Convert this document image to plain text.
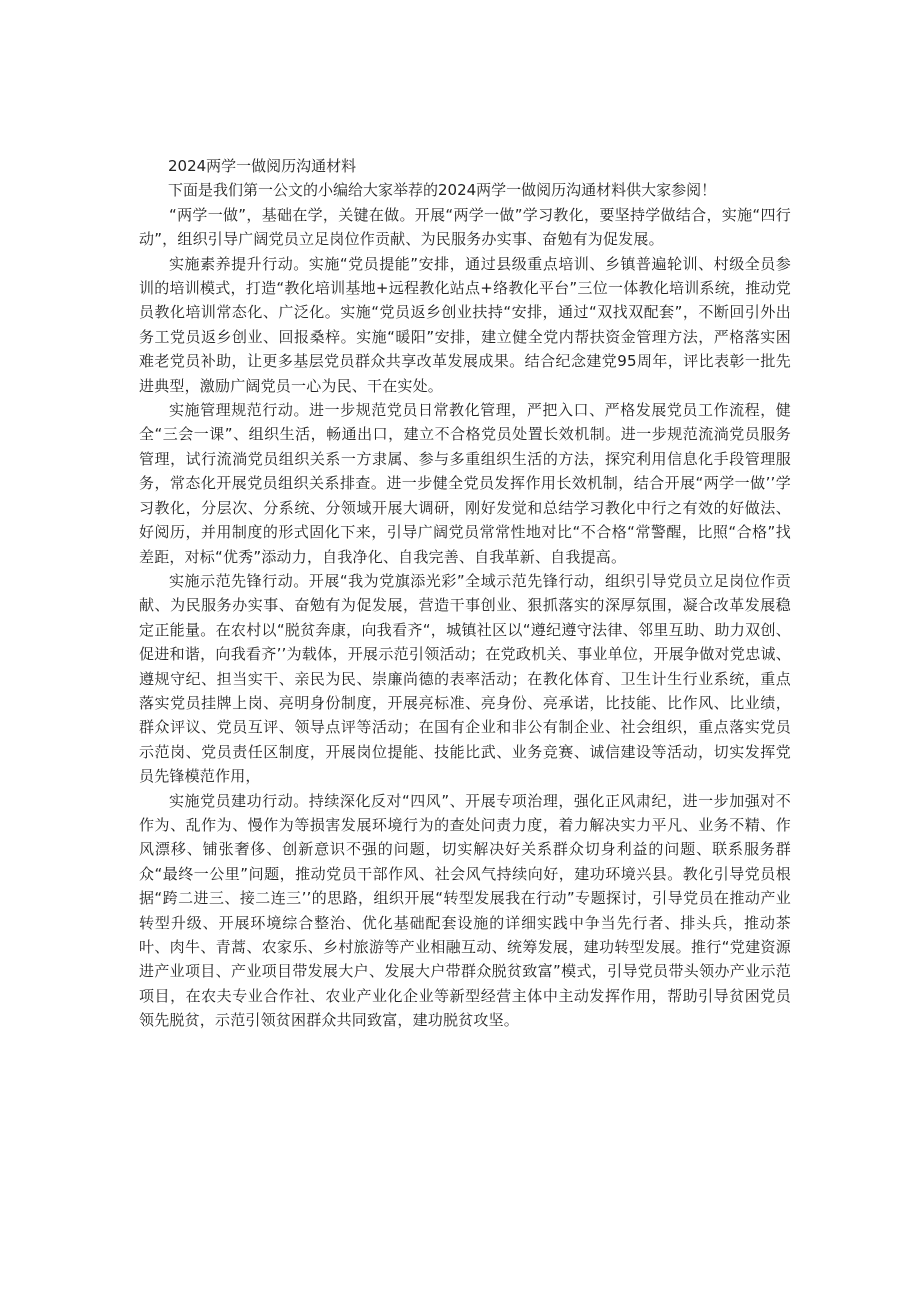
2024两学一做阅历沟通材料

下面是我们第一公文的小编给大家举荐的2024两学一做阅历沟通材料供大家参阅！

“两学一做”，基础在学，关键在做。开展“两学一做”学习教化，要坚持学做结合，实施“四行动”，组织引导广阔党员立足岗位作贡献、为民服务办实事、奋勉有为促发展。

实施素养提升行动。实施“党员提能”安排，通过县级重点培训、乡镇普遍轮训、村级全员参训的培训模式，打造“教化培训基地+远程教化站点+络教化平台”三位一体教化培训系统，推动党员教化培训常态化、广泛化。实施“党员返乡创业扶持“安排，通过“双找双配套”，不断回引外出务工党员返乡创业、回报桑梓。实施“暖阳”安排，建立健全党内帮扶资金管理方法，严格落实困难老党员补助，让更多基层党员群众共享改革发展成果。结合纪念建党95周年，评比表彰一批先进典型，激励广阔党员一心为民、干在实处。

实施管理规范行动。进一步规范党员日常教化管理，严把入口、严格发展党员工作流程，健全“三会一课”、组织生活，畅通出口，建立不合格党员处置长效机制。进一步规范流淌党员服务管理，试行流淌党员组织关系一方隶属、参与多重组织生活的方法，探究利用信息化手段管理服务，常态化开展党员组织关系排查。进一步健全党员发挥作用长效机制，结合开展“两学一做’’学习教化，分层次、分系统、分领域开展大调研，刚好发觉和总结学习教化中行之有效的好做法、好阅历，并用制度的形式固化下来，引导广阔党员常常性地对比“不合格“常警醒，比照“合格”找差距，对标“优秀”添动力，自我净化、自我完善、自我革新、自我提高。

实施示范先锋行动。开展“我为党旗添光彩”全域示范先锋行动，组织引导党员立足岗位作贡献、为民服务办实事、奋勉有为促发展，营造干事创业、狠抓落实的深厚氛围，凝合改革发展稳定正能量。在农村以“脱贫奔康，向我看齐“，城镇社区以“遵纪遵守法律、邻里互助、助力双创、促进和谐，向我看齐’’为载体，开展示范引领活动；在党政机关、事业单位，开展争做对党忠诚、遵规守纪、担当实干、亲民为民、崇廉尚德的表率活动；在教化体育、卫生计生行业系统，重点落实党员挂牌上岗、亮明身份制度，开展亮标准、亮身份、亮承诺，比技能、比作风、比业绩，群众评议、党员互评、领导点评等活动；在国有企业和非公有制企业、社会组织，重点落实党员示范岗、党员责任区制度，开展岗位提能、技能比武、业务竞赛、诚信建设等活动，切实发挥党员先锋模范作用，

实施党员建功行动。持续深化反对“四风”、开展专项治理，强化正风肃纪，进一步加强对不作为、乱作为、慢作为等损害发展环境行为的查处问责力度，着力解决实力平凡、业务不精、作风漂移、铺张奢侈、创新意识不强的问题，切实解决好关系群众切身利益的问题、联系服务群众“最终一公里”问题，推动党员干部作风、社会风气持续向好，建功环境兴县。教化引导党员根据“跨二进三、接二连三’’的思路，组织开展“转型发展我在行动”专题探讨，引导党员在推动产业转型升级、开展环境综合整治、优化基础配套设施的详细实践中争当先行者、排头兵，推动茶叶、肉牛、青蒿、农家乐、乡村旅游等产业相融互动、统筹发展，建功转型发展。推行“党建资源进产业项目、产业项目带发展大户、发展大户带群众脱贫致富”模式，引导党员带头领办产业示范项目，在农夫专业合作社、农业产业化企业等新型经营主体中主动发挥作用，帮助引导贫困党员领先脱贫，示范引领贫困群众共同致富，建功脱贫攻坚。
